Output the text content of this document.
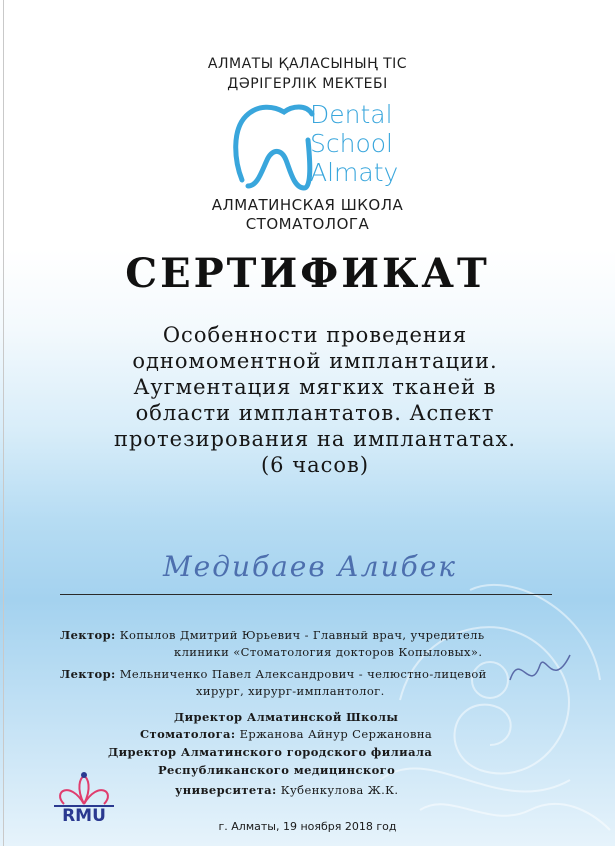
АЛМАТЫ ҚАЛАСЫНЫҢ ТІС
ДӘРІГЕРЛІК МЕКТЕБІ
Dental
School
Almaty
АЛМАТИНСКАЯ ШКОЛА
СТОМАТОЛОГА
СЕРТИФИКАТ
Особенности проведения
одномоментной имплантации.
Аугментация мягких тканей в
области имплантатов. Аспект
протезирования на имплантатах.
(6 часов)
Медибаев Алибек
Лектор: Копылов Дмитрий Юрьевич - Главный врач, учредитель
клиники «Стоматология докторов Копыловых».
Лектор: Мельниченко Павел Александрович - челюстно-лицевой
хирург, хирург-имплантолог.
Директор Алматинской Школы
Стоматолога: Ержанова Айнур Сержановна
Директор Алматинского городского филиала
Республиканского медицинского
университета: Кубенкулова Ж.К.
RMU
г. Алматы, 19 ноября 2018 год
